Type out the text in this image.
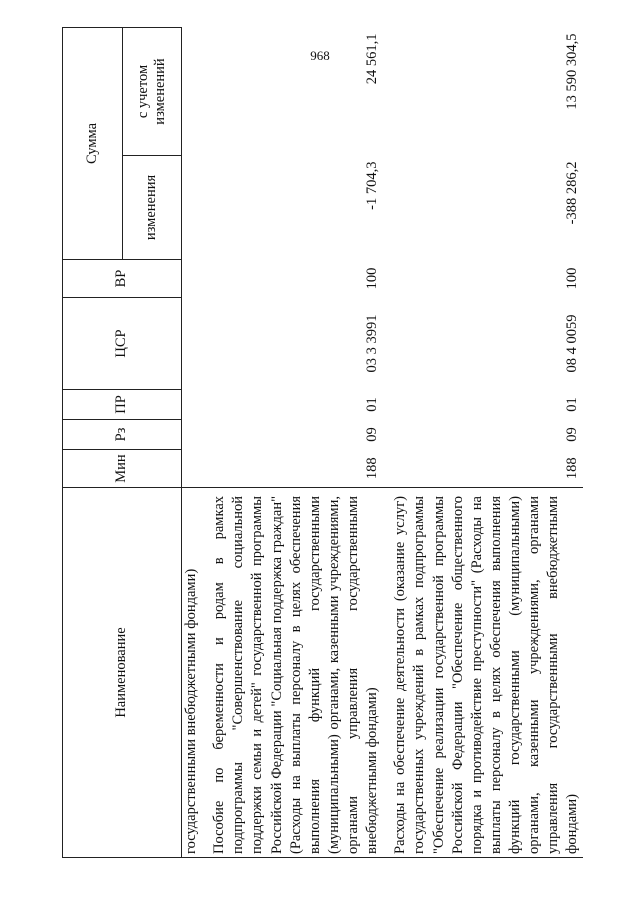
968
Наименование	Мин	Рз	ПР	ЦСР	ВР	Сумма	
						изменения	с учетом изменений
государственными внебюджетными фондами)							
Пособие по беременности и родам в рамках подпрограммы "Совершенствование социальной поддержки семьи и детей" государственной программы Российской Федерации "Социальная поддержка граждан" (Расходы на выплаты персоналу в целях обеспечения выполнения функций государственными (муниципальными) органами, казенными учреждениями, органами управления государственными внебюджетными фондами)	188	09	01	03 3 3991	100	-1 704,3	24 561,1
Расходы на обеспечение деятельности (оказание услуг) государственных учреждений в рамках подпрограммы "Обеспечение реализации государственной программы Российской Федерации "Обеспечение общественного порядка и противодействие преступности" (Расходы на выплаты персоналу в целях обеспечения выполнения функций государственными (муниципальными) органами, казенными учреждениями, органами управления государственными внебюджетными фондами)	188	09	01	08 4 0059	100	-388 286,2	13 590 304,5
